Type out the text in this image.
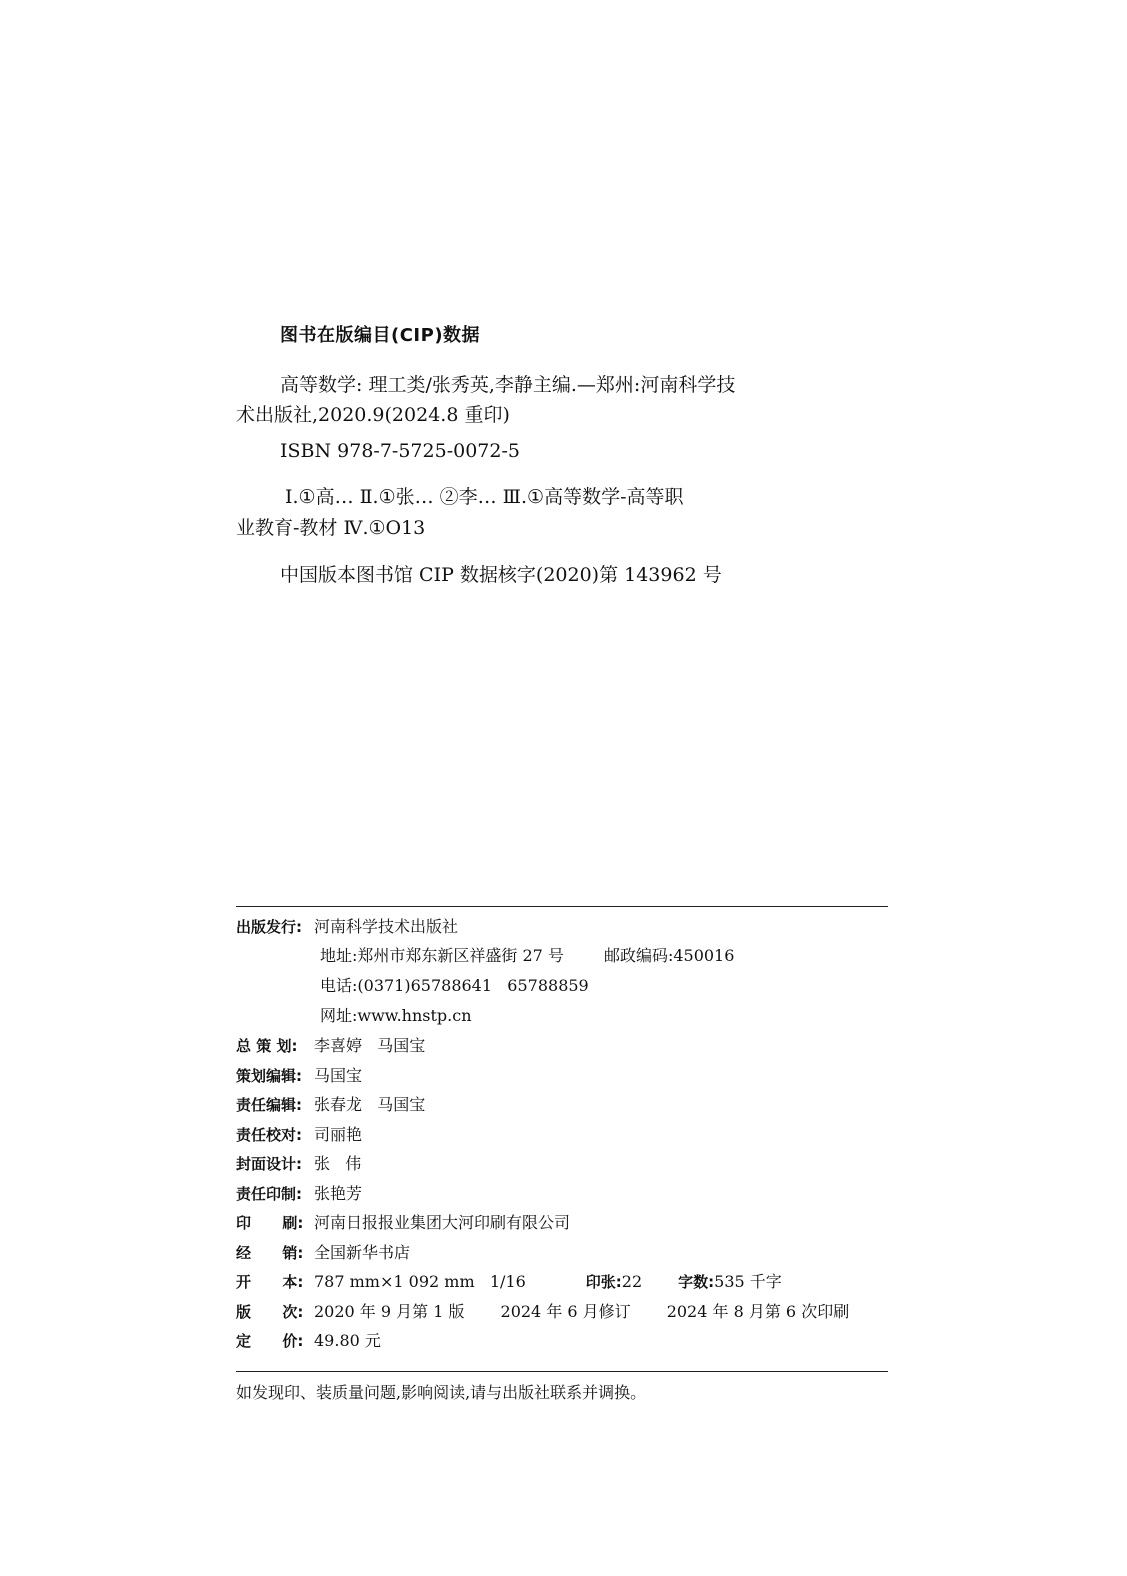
图书在版编目(CIP)数据
高等数学: 理工类/张秀英,李静主编.—郑州:河南科学技
术出版社,2020.9(2024.8 重印)
ISBN 978-7-5725-0072-5
Ⅰ.①高… Ⅱ.①张… ②李… Ⅲ.①高等数学-高等职
业教育-教材 Ⅳ.①O13
中国版本图书馆 CIP 数据核字(2020)第 143962 号
出版发行: 河南科学技术出版社
地址:郑州市郑东新区祥盛街 27 号	邮政编码:450016
电话:(0371)65788641   65788859
网址:www.hnstp.cn
总 策 划: 李喜婷   马国宝
策划编辑: 马国宝
责任编辑: 张春龙   马国宝
责任校对: 司丽艳
封面设计: 张   伟
责任印制: 张艳芳
印      刷: 河南日报报业集团大河印刷有限公司
经      销: 全国新华书店
开      本: 787 mm×1 092 mm   1/16	印张:22 字数:535 千字
版      次: 2020 年 9 月第 1 版 2024 年 6 月修订 2024 年 8 月第 6 次印刷
定      价: 49.80 元
如发现印、装质量问题,影响阅读,请与出版社联系并调换。
